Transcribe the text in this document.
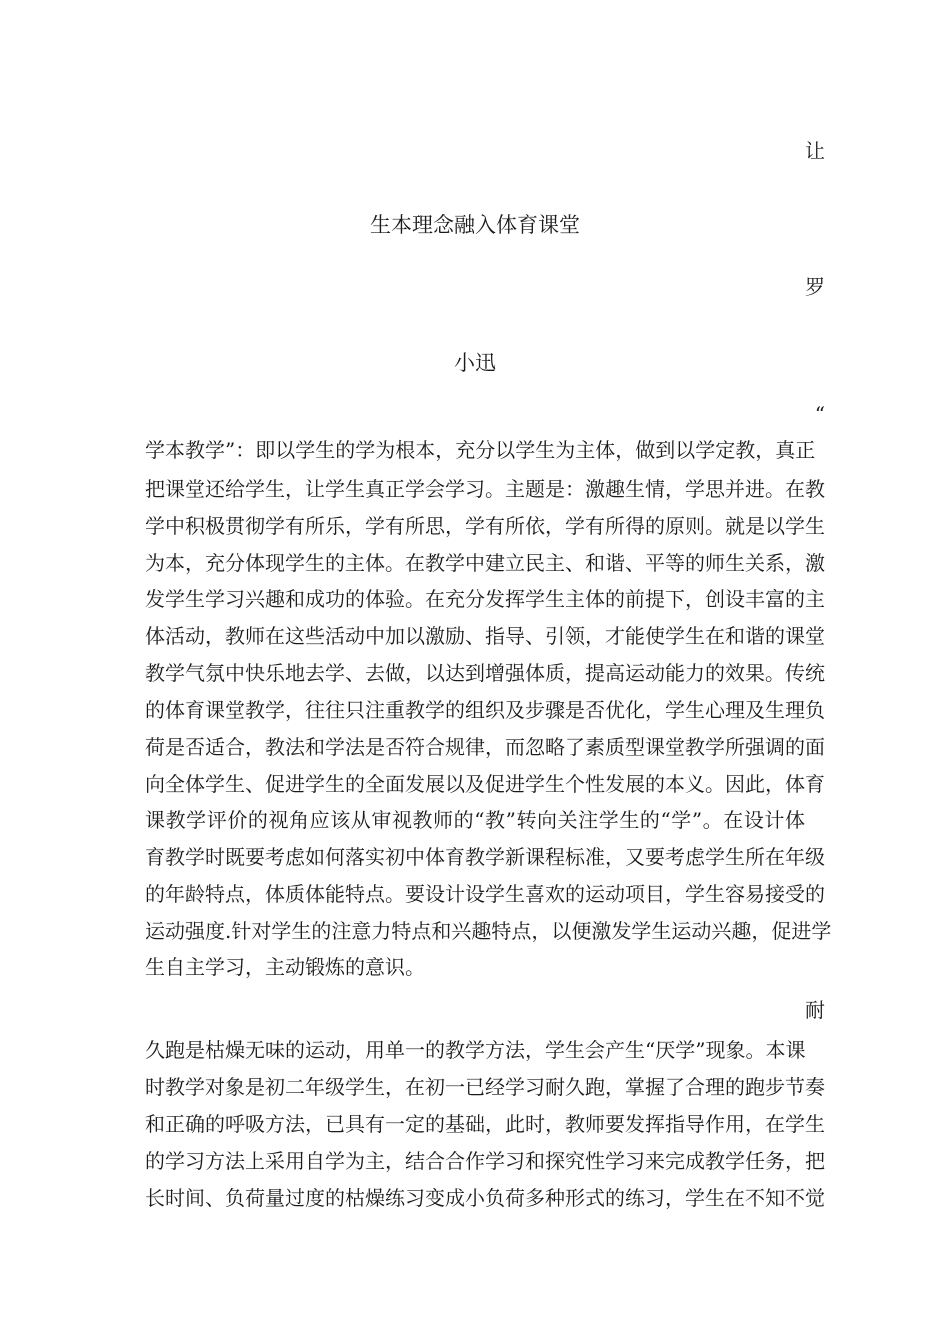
让
生本理念融入体育课堂
罗
小迅
“
学本教学”：即以学生的学为根本，充分以学生为主体，做到以学定教，真正
把课堂还给学生，让学生真正学会学习。主题是：激趣生情，学思并进。在教
学中积极贯彻学有所乐，学有所思，学有所依，学有所得的原则。就是以学生
为本，充分体现学生的主体。在教学中建立民主、和谐、平等的师生关系，激
发学生学习兴趣和成功的体验。在充分发挥学生主体的前提下，创设丰富的主
体活动，教师在这些活动中加以激励、指导、引领，才能使学生在和谐的课堂
教学气氛中快乐地去学、去做，以达到增强体质，提高运动能力的效果。传统
的体育课堂教学，往往只注重教学的组织及步骤是否优化，学生心理及生理负
荷是否适合，教法和学法是否符合规律，而忽略了素质型课堂教学所强调的面
向全体学生、促进学生的全面发展以及促进学生个性发展的本义。因此，体育
课教学评价的视角应该从审视教师的“教”转向关注学生的“学”。在设计体
育教学时既要考虑如何落实初中体育教学新课程标准，又要考虑学生所在年级
的年龄特点，体质体能特点。要设计设学生喜欢的运动项目，学生容易接受的
运动强度.针对学生的注意力特点和兴趣特点，以便激发学生运动兴趣，促进学
生自主学习，主动锻炼的意识。
耐
久跑是枯燥无味的运动，用单一的教学方法，学生会产生“厌学”现象。本课
时教学对象是初二年级学生，在初一已经学习耐久跑，掌握了合理的跑步节奏
和正确的呼吸方法，已具有一定的基础，此时，教师要发挥指导作用，在学生
的学习方法上采用自学为主，结合合作学习和探究性学习来完成教学任务，把
长时间、负荷量过度的枯燥练习变成小负荷多种形式的练习，学生在不知不觉
